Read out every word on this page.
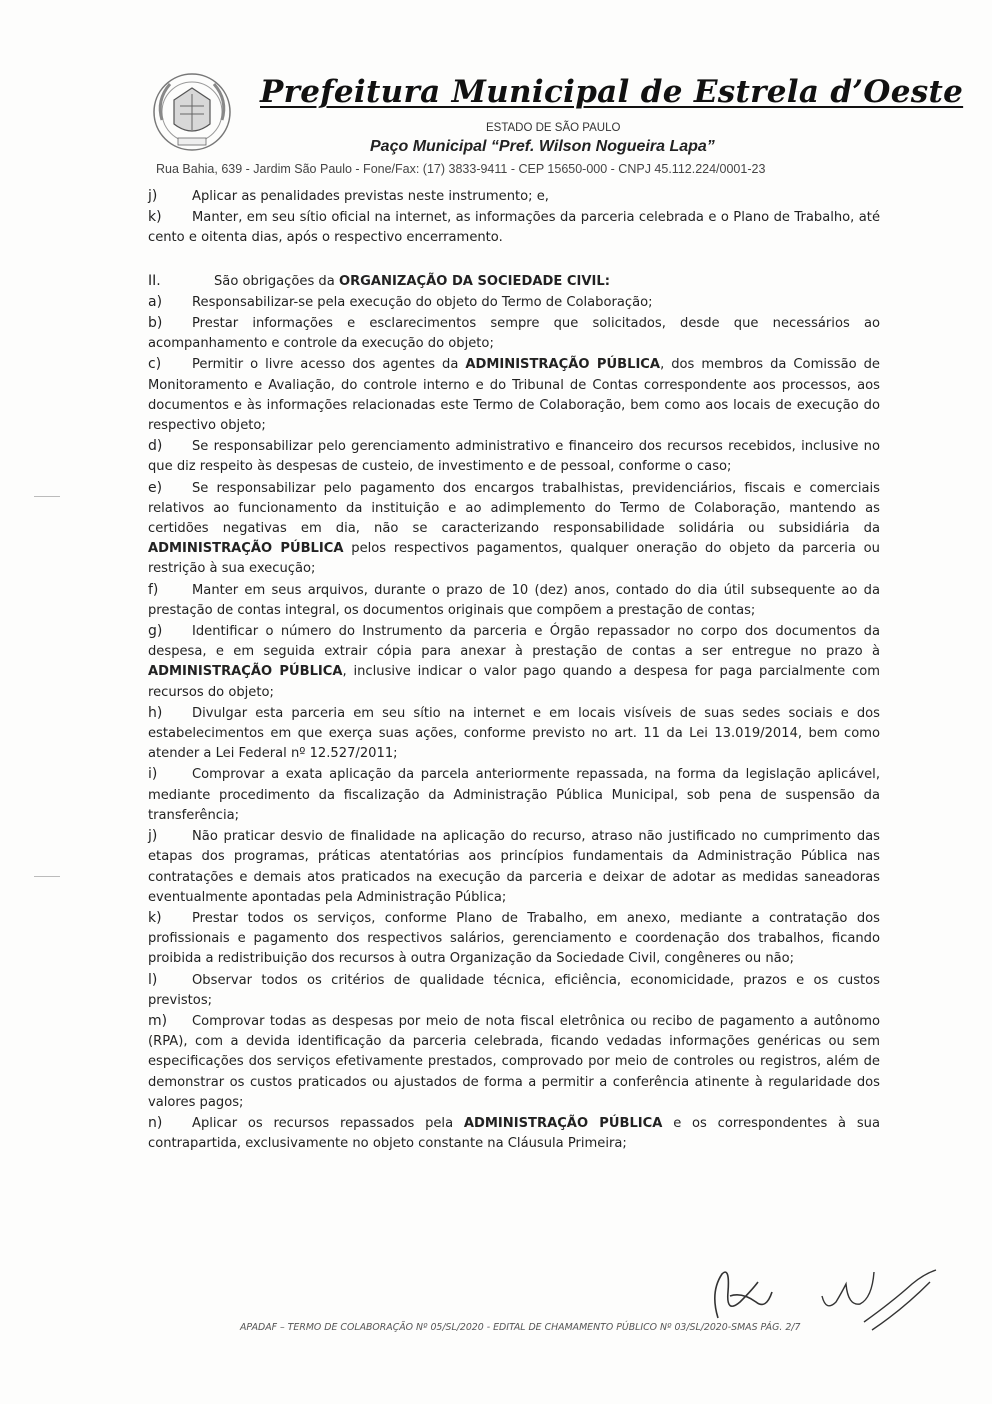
Prefeitura Municipal de Estrela d’Oeste
ESTADO DE SÃO PAULO
Paço Municipal “Pref. Wilson Nogueira Lapa”
Rua Bahia, 639 - Jardim São Paulo - Fone/Fax: (17) 3833-9411 - CEP 15650-000 - CNPJ 45.112.224/0001-23

j)	Aplicar as penalidades previstas neste instrumento; e,

k) Manter, em seu sítio oficial na internet, as informações da parceria celebrada e o Plano de Trabalho, até cento e oitenta dias, após o respectivo encerramento.

II.	São obrigações da ORGANIZAÇÃO DA SOCIEDADE CIVIL:

a) Responsabilizar-se pela execução do objeto do Termo de Colaboração;

b) Prestar informações e esclarecimentos sempre que solicitados, desde que necessários ao acompanhamento e controle da execução do objeto;

c) Permitir o livre acesso dos agentes da ADMINISTRAÇÃO PÚBLICA, dos membros da Comissão de Monitoramento e Avaliação, do controle interno e do Tribunal de Contas correspondente aos processos, aos documentos e às informações relacionadas este Termo de Colaboração, bem como aos locais de execução do respectivo objeto;

d) Se responsabilizar pelo gerenciamento administrativo e financeiro dos recursos recebidos, inclusive no que diz respeito às despesas de custeio, de investimento e de pessoal, conforme o caso;

e) Se responsabilizar pelo pagamento dos encargos trabalhistas, previdenciários, fiscais e comerciais relativos ao funcionamento da instituição e ao adimplemento do Termo de Colaboração, mantendo as certidões negativas em dia, não se caracterizando responsabilidade solidária ou subsidiária da ADMINISTRAÇÃO PÚBLICA pelos respectivos pagamentos, qualquer oneração do objeto da parceria ou restrição à sua execução;

f)	Manter em seus arquivos, durante o prazo de 10 (dez) anos, contado do dia útil subsequente ao da prestação de contas integral, os documentos originais que compõem a prestação de contas;

g) Identificar o número do Instrumento da parceria e Órgão repassador no corpo dos documentos da despesa, e em seguida extrair cópia para anexar à prestação de contas a ser entregue no prazo à ADMINISTRAÇÃO PÚBLICA, inclusive indicar o valor pago quando a despesa for paga parcialmente com recursos do objeto;

h) Divulgar esta parceria em seu sítio na internet e em locais visíveis de suas sedes sociais e dos estabelecimentos em que exerça suas ações, conforme previsto no art. 11 da Lei 13.019/2014, bem como atender a Lei Federal nº 12.527/2011;

i)	Comprovar a exata aplicação da parcela anteriormente repassada, na forma da legislação aplicável, mediante procedimento da fiscalização da Administração Pública Municipal, sob pena de suspensão da transferência;

j)	Não praticar desvio de finalidade na aplicação do recurso, atraso não justificado no cumprimento das etapas dos programas, práticas atentatórias aos princípios fundamentais da Administração Pública nas contratações e demais atos praticados na execução da parceria e deixar de adotar as medidas saneadoras eventualmente apontadas pela Administração Pública;

k) Prestar todos os serviços, conforme Plano de Trabalho, em anexo, mediante a contratação dos profissionais e pagamento dos respectivos salários, gerenciamento e coordenação dos trabalhos, ficando proibida a redistribuição dos recursos à outra Organização da Sociedade Civil, congêneres ou não;

l)	Observar todos os critérios de qualidade técnica, eficiência, economicidade, prazos e os custos previstos;

m) Comprovar todas as despesas por meio de nota fiscal eletrônica ou recibo de pagamento a autônomo (RPA), com a devida identificação da parceria celebrada, ficando vedadas informações genéricas ou sem especificações dos serviços efetivamente prestados, comprovado por meio de controles ou registros, além de demonstrar os custos praticados ou ajustados de forma a permitir a conferência atinente à regularidade dos valores pagos;

n) Aplicar os recursos repassados pela ADMINISTRAÇÃO PÚBLICA e os correspondentes à sua contrapartida, exclusivamente no objeto constante na Cláusula Primeira;

APADAF – TERMO DE COLABORAÇÃO Nº 05/SL/2020 - EDITAL DE CHAMAMENTO PÚBLICO Nº 03/SL/2020-SMAS PÁG. 2/7
